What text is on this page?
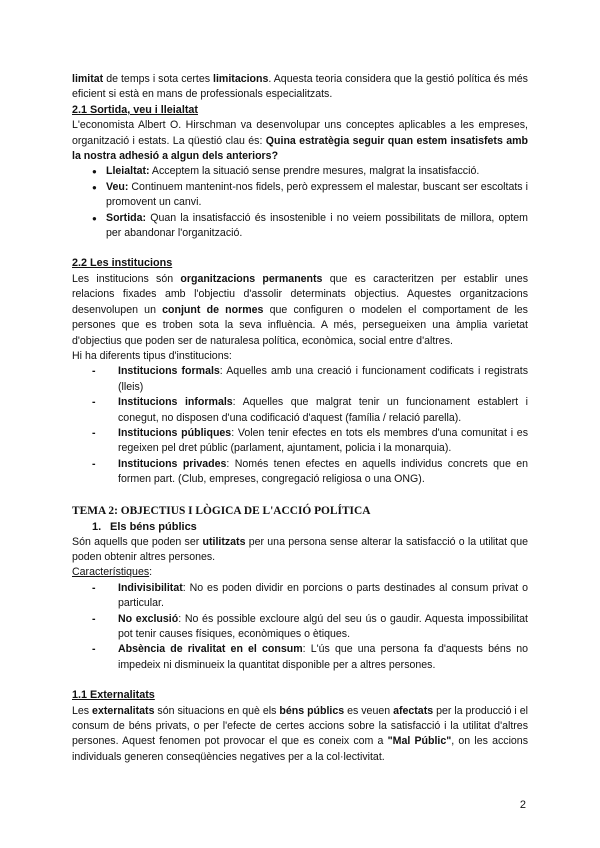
limitat de temps i sota certes limitacions. Aquesta teoria considera que la gestió política és més eficient si està en mans de professionals especialitzats.

2.1 Sortida, veu i lleialtat

L'economista Albert O. Hirschman va desenvolupar uns conceptes aplicables a les empreses, organització i estats. La qüestió clau és: Quina estratègia seguir quan estem insatisfets amb la nostra adhesió a algun dels anteriors?

● Lleialtat: Acceptem la situació sense prendre mesures, malgrat la insatisfacció.
● Veu: Continuem mantenint-nos fidels, però expressem el malestar, buscant ser escoltats i promovent un canvi.
● Sortida: Quan la insatisfacció és insostenible i no veiem possibilitats de millora, optem per abandonar l'organització.
2.2 Les institucions

Les institucions són organitzacions permanents que es caracteritzen per establir unes relacions fixades amb l'objectiu d'assolir determinats objectius. Aquestes organitzacions desenvolupen un conjunt de normes que configuren o modelen el comportament de les persones que es troben sota la seva influència. A més, persegueixen una àmplia varietat d'objectius que poden ser de naturalesa política, econòmica, social entre d'altres.

Hi ha diferents tipus d'institucions:

- Institucions formals: Aquelles amb una creació i funcionament codificats i registrats (lleis)
- Institucions informals: Aquelles que malgrat tenir un funcionament establert i conegut, no disposen d'una codificació d'aquest (família / relació parella).
- Institucions públiques: Volen tenir efectes en tots els membres d'una comunitat i es regeixen pel dret públic (parlament, ajuntament, policia i la monarquia).
- Institucions privades: Només tenen efectes en aquells individus concrets que en formen part. (Club, empreses, congregació religiosa o una ONG).

TEMA 2: OBJECTIUS I LÒGICA DE L'ACCIÓ POLÍTICA

1. Els béns públics

Són aquells que poden ser utilitzats per una persona sense alterar la satisfacció o la utilitat que poden obtenir altres persones.

Característiques:

- Indivisibilitat: No es poden dividir en porcions o parts destinades al consum privat o particular.
- No exclusió: No és possible excloure algú del seu ús o gaudir. Aquesta impossibilitat pot tenir causes físiques, econòmiques o ètiques.
- Absència de rivalitat en el consum: L'ús que una persona fa d'aquests béns no impedeix ni disminueix la quantitat disponible per a altres persones.
1.1 Externalitats

Les externalitats són situacions en què els béns públics es veuen afectats per la producció i el consum de béns privats, o per l'efecte de certes accions sobre la satisfacció i la utilitat d'altres persones. Aquest fenomen pot provocar el que es coneix com a "Mal Públic", on les accions individuals generen conseqüències negatives per a la col·lectivitat.

2
